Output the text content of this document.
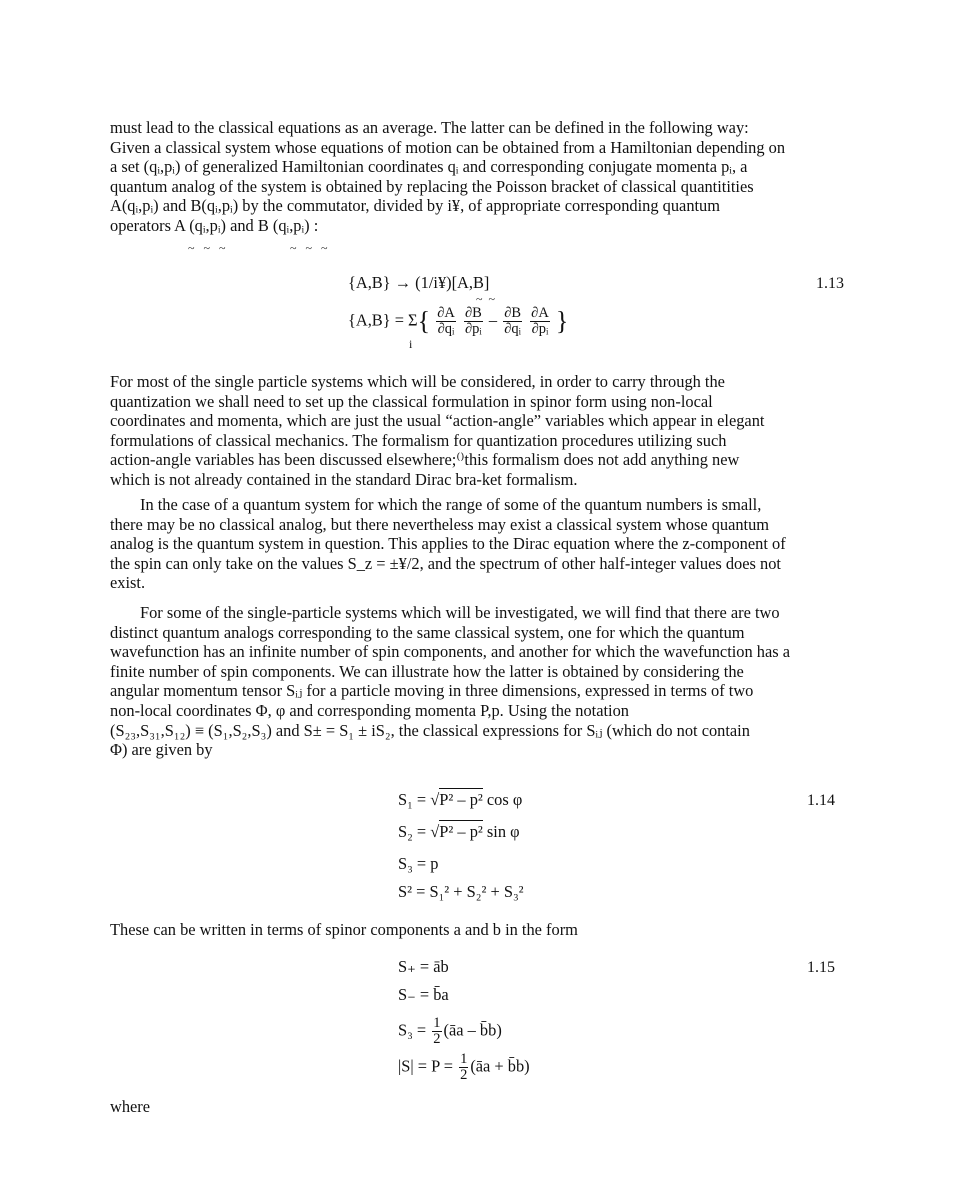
must lead to the classical equations as an average. The latter can be defined in the following way:
Given a classical system whose equations of motion can be obtained from a Hamiltonian depending on
a set (qᵢ,pᵢ) of generalized Hamiltonian coordinates qᵢ and corresponding conjugate momenta pᵢ, a
quantum analog of the system is obtained by replacing the Poisson bracket of classical quantitities
A(qᵢ,pᵢ) and B(qᵢ,pᵢ) by the commutator, divided by i¥, of appropriate corresponding quantum
operators A (qᵢ,pᵢ) and B (qᵢ,pᵢ) :
~   ~   ~	~   ~   ~
{A,B} → (1/i¥)[A,B]
~  ~
1.13
$\{A,B\} = \Sigma\{ \frac{\partial A}{\text{∂qᵢ}}$
$\frac{\partial B}{\text{∂pᵢ}} - \frac{\partial B}{\text{∂qᵢ}}$
$\frac{\partial A}{\text{∂pᵢ}}$ }
i
For most of the single particle systems which will be considered, in order to carry through the
quantization we shall need to set up the classical formulation in spinor form using non-local
coordinates and momenta, which are just the usual “action-angle” variables which appear in elegant
formulations of classical mechanics. The formalism for quantization procedures utilizing such
action-angle variables has been discussed elsewhere;⁽⁾this formalism does not add anything new
which is not already contained in the standard Dirac bra-ket formalism.
In the case of a quantum system for which the range of some of the quantum numbers is small,
there may be no classical analog, but there nevertheless may exist a classical system whose quantum
analog is the quantum system in question. This applies to the Dirac equation where the z-component of
the spin can only take on the values S_z = ±¥/2, and the spectrum of other half-integer values does not
exist.
For some of the single-particle systems which will be investigated, we will find that there are two
distinct quantum analogs corresponding to the same classical system, one for which the quantum
wavefunction has an infinite number of spin components, and another for which the wavefunction has a
finite number of spin components. We can illustrate how the latter is obtained by considering the
angular momentum tensor Sᵢⱼ for a particle moving in three dimensions, expressed in terms of two
non-local coordinates Φ, φ and corresponding momenta P,p. Using the notation
(S₂₃,S₃₁,S₁₂) ≡ (S₁,S₂,S₃) and S± = S₁ ± iS₂, the classical expressions for Sᵢⱼ (which do not contain
Φ) are given by
S₁ = √P² – p² cos φ	1.14
S₂ = √P² – p² sin φ
S₃ = p
S² = S₁² + S₂² + S₃²
These can be written in terms of spinor components a and b in the form
S₊ = āb	1.15
S₋ = b̄a
$S_3 = \frac{1}{2}$ (āa – b̄b)
$|S| = P = \frac{1}{2}$ (āa + b̄b)
where
